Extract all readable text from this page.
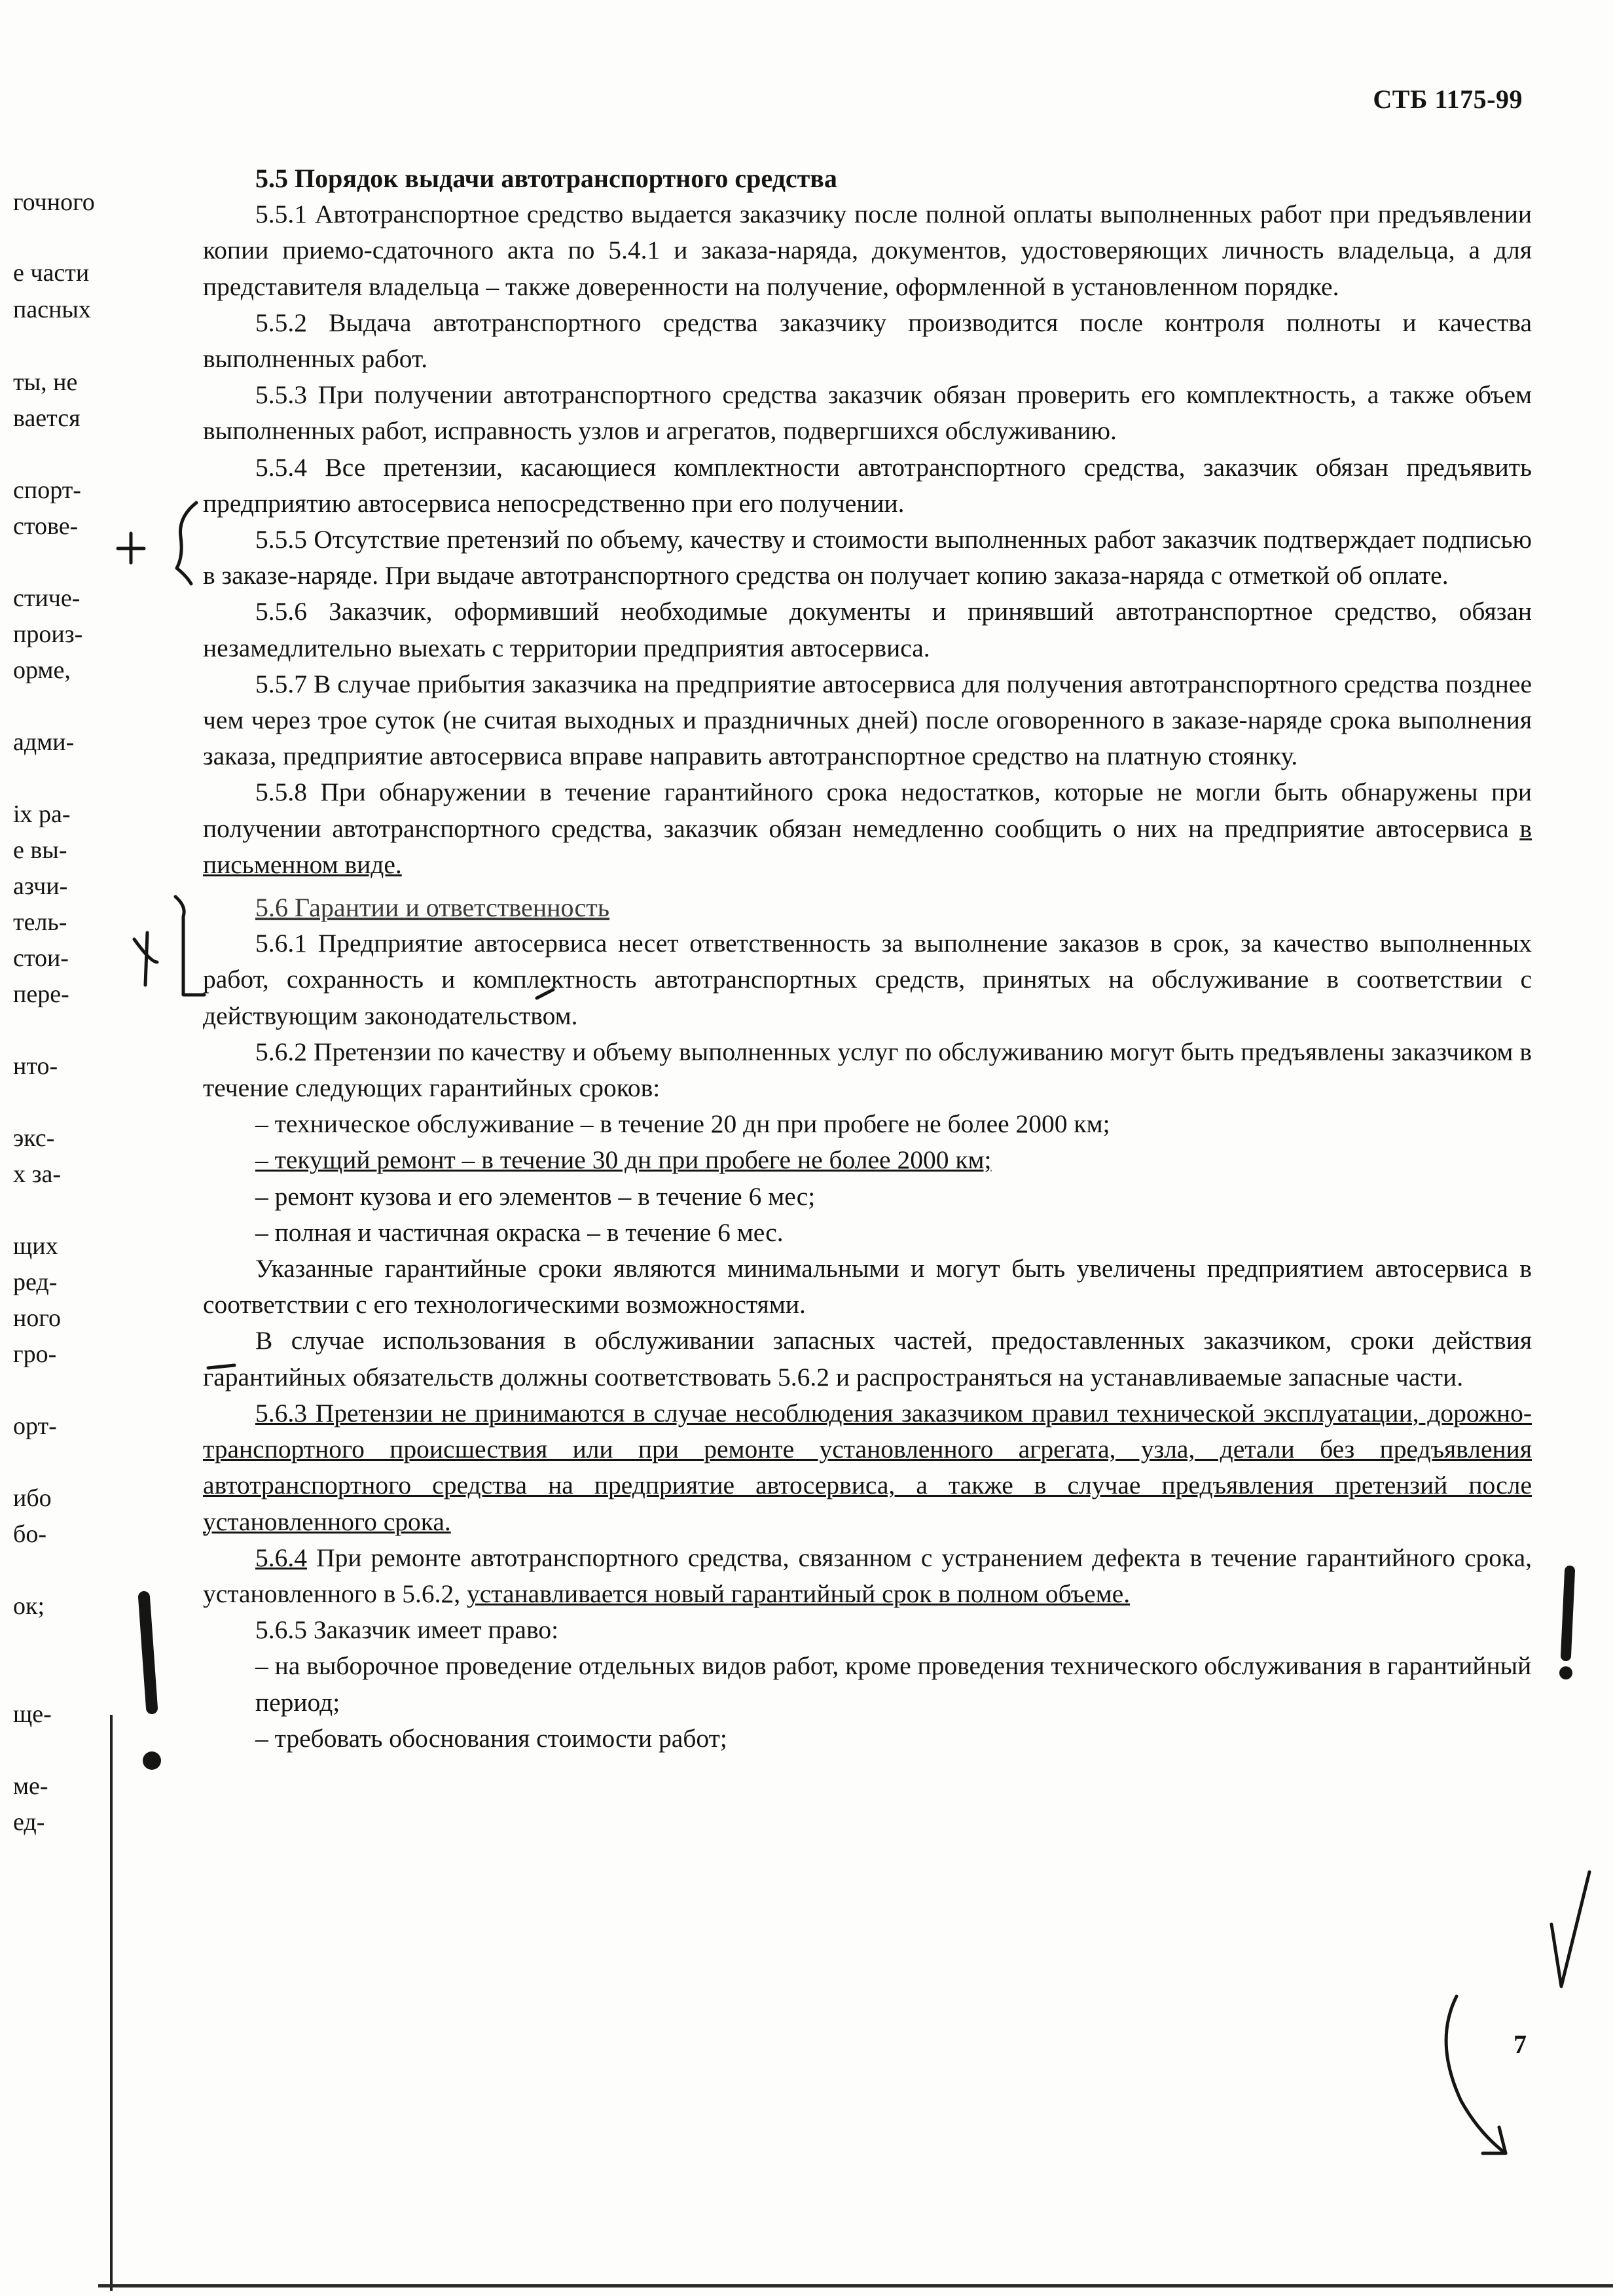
СТБ 1175-99
гочного
е части
пасных
ты, не
вается
спорт-
стове-
стиче-
произ-
орме,
адми-
іх ра-
е вы-
азчи-
тель-
стои-
пере-
нто-
экс-
х за-
щих
ред-
ного
гро-
орт-
ибо
бо-
ок;
ще-
ме-
ед-

5.5 Порядок выдачи автотранспортного средства

5.5.1 Автотранспортное средство выдается заказчику после полной оплаты выполненных работ при предъявлении копии приемо-сдаточного акта по 5.4.1 и заказа-наряда, документов, удостоверяющих личность владельца, а для представителя владельца – также доверенности на получение, оформленной в установленном порядке.

5.5.2 Выдача автотранспортного средства заказчику производится после контроля полноты и качества выполненных работ.

5.5.3 При получении автотранспортного средства заказчик обязан проверить его комплектность, а также объем выполненных работ, исправность узлов и агрегатов, подвергшихся обслуживанию.

5.5.4 Все претензии, касающиеся комплектности автотранспортного средства, заказчик обязан предъявить предприятию автосервиса непосредственно при его получении.

5.5.5 Отсутствие претензий по объему, качеству и стоимости выполненных работ заказчик подтверждает подписью в заказе-наряде. При выдаче автотранспортного средства он получает копию заказа-наряда с отметкой об оплате.

5.5.6 Заказчик, оформивший необходимые документы и принявший автотранспортное средство, обязан незамедлительно выехать с территории предприятия автосервиса.

5.5.7 В случае прибытия заказчика на предприятие автосервиса для получения автотранспортного средства позднее чем через трое суток (не считая выходных и праздничных дней) после оговоренного в заказе-наряде срока выполнения заказа, предприятие автосервиса вправе направить автотранспортное средство на платную стоянку.

5.5.8 При обнаружении в течение гарантийного срока недостатков, которые не могли быть обнаружены при получении автотранспортного средства, заказчик обязан немедленно сообщить о них на предприятие автосервиса в письменном виде.

5.6 Гарантии и ответственность

5.6.1 Предприятие автосервиса несет ответственность за выполнение заказов в срок, за качество выполненных работ, сохранность и комплектность автотранспортных средств, принятых на обслуживание в соответствии с действующим законодательством.

5.6.2 Претензии по качеству и объему выполненных услуг по обслуживанию могут быть предъявлены заказчиком в течение следующих гарантийных сроков:

– техническое обслуживание – в течение 20 дн при пробеге не более 2000 км;

– текущий ремонт – в течение 30 дн при пробеге не более 2000 км;

– ремонт кузова и его элементов – в течение 6 мес;

– полная и частичная окраска – в течение 6 мес.

Указанные гарантийные сроки являются минимальными и могут быть увеличены предприятием автосервиса в соответствии с его технологическими возможностями.

В случае использования в обслуживании запасных частей, предоставленных заказчиком, сроки действия гарантийных обязательств должны соответствовать 5.6.2 и распространяться на устанавливаемые запасные части.

5.6.3 Претензии не принимаются в случае несоблюдения заказчиком правил технической эксплуатации, дорожно-транспортного происшествия или при ремонте установленного агрегата, узла, детали без предъявления автотранспортного средства на предприятие автосервиса, а также в случае предъявления претензий после установленного срока.

5.6.4 При ремонте автотранспортного средства, связанном с устранением дефекта в течение гарантийного срока, установленного в 5.6.2, устанавливается новый гарантийный срок в полном объеме.

5.6.5 Заказчик имеет право:

– на выборочное проведение отдельных видов работ, кроме проведения технического обслуживания в гарантийный период;

– требовать обоснования стоимости работ;

7
